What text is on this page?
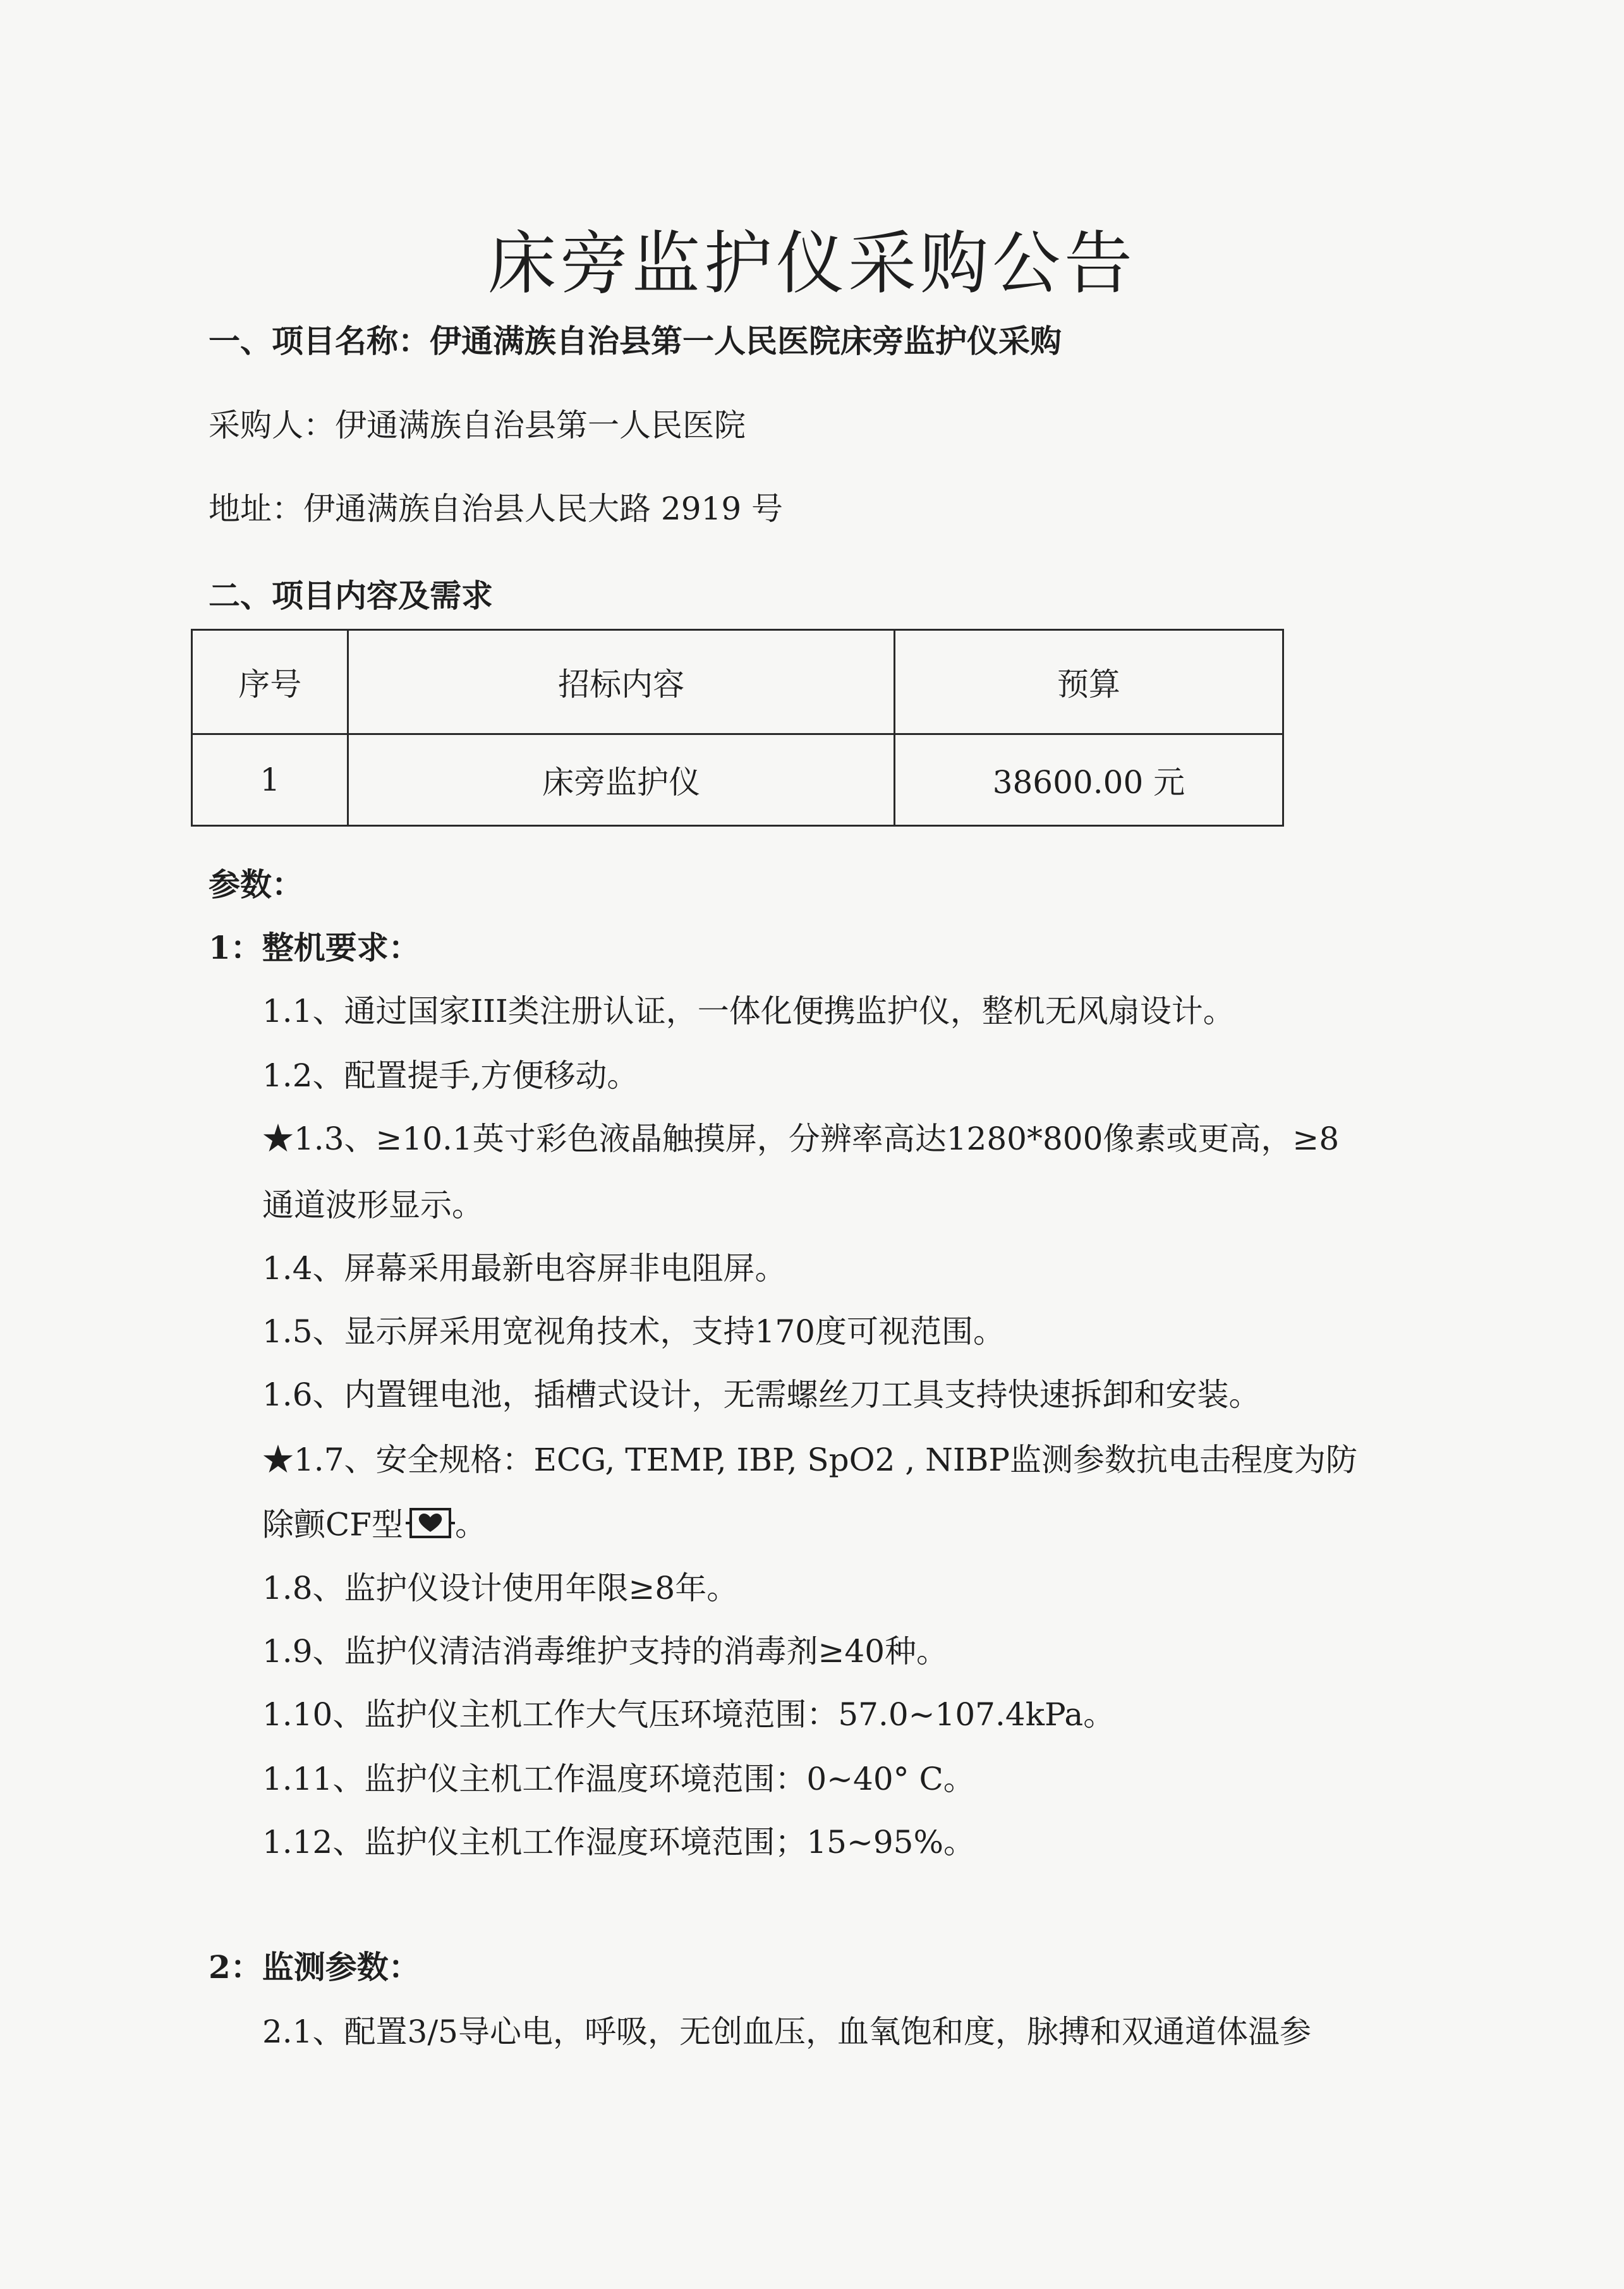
床旁监护仪采购公告
一、项目名称：伊通满族自治县第一人民医院床旁监护仪采购
采购人：伊通满族自治县第一人民医院
地址：伊通满族自治县人民大路 2919 号
二、项目内容及需求
序号	招标内容	预算
1	床旁监护仪	38600.00 元
参数：
1：整机要求：
1.1、通过国家III类注册认证，一体化便携监护仪，整机无风扇设计。
1.2、配置提手,方便移动。
★1.3、≥10.1英寸彩色液晶触摸屏，分辨率高达1280*800像素或更高，≥8
通道波形显示。
1.4、屏幕采用最新电容屏非电阻屏。
1.5、显示屏采用宽视角技术，支持170度可视范围。
1.6、内置锂电池，插槽式设计，无需螺丝刀工具支持快速拆卸和安装。
★1.7、安全规格：ECG, TEMP, IBP, SpO2 , NIBP监测参数抗电击程度为防
除颤CF型 。
1.8、监护仪设计使用年限≥8年。
1.9、监护仪清洁消毒维护支持的消毒剂≥40种。
1.10、监护仪主机工作大气压环境范围：57.0~107.4kPa。
1.11、监护仪主机工作温度环境范围：0~40° C。
1.12、监护仪主机工作湿度环境范围；15~95%。
2：监测参数：
2.1、配置3/5导心电，呼吸，无创血压，血氧饱和度，脉搏和双通道体温参
